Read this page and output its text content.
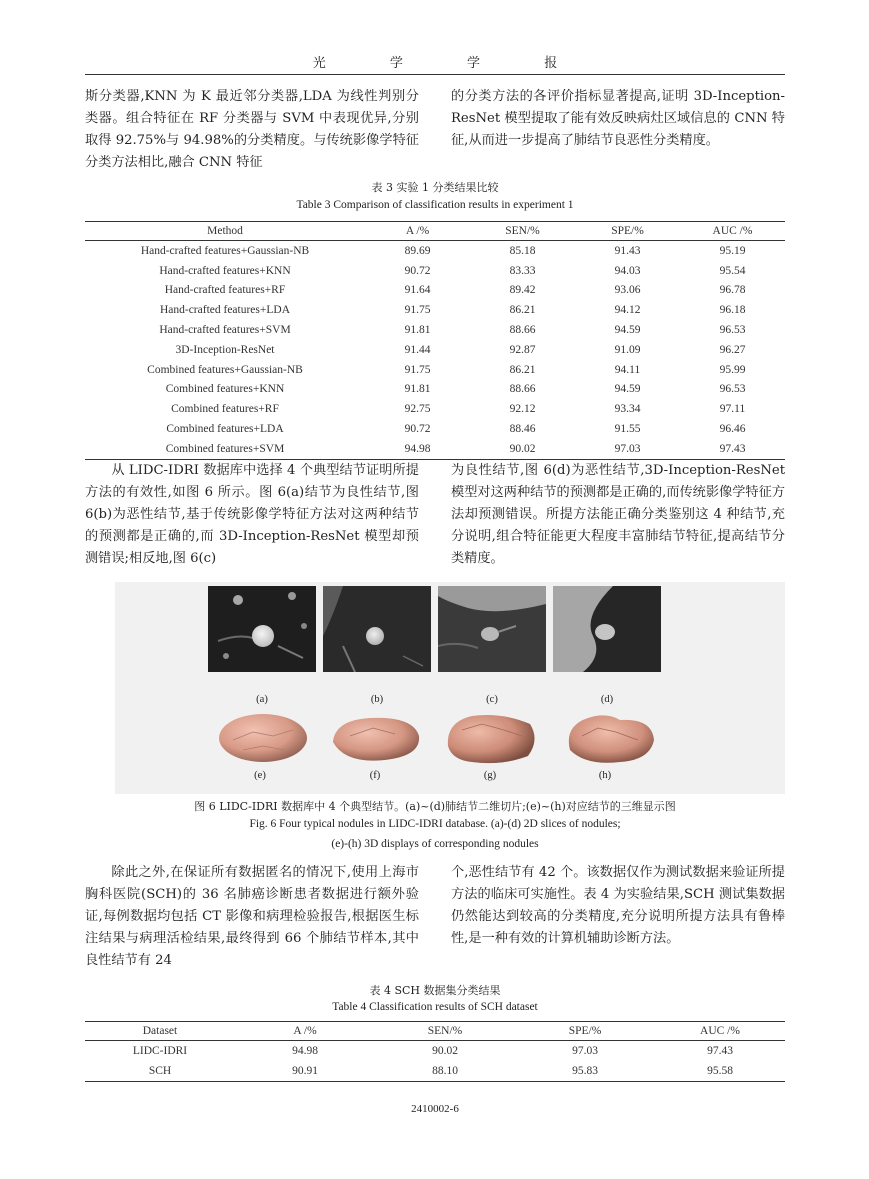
光 学 学 报

斯分类器,KNN 为 K 最近邻分类器,LDA 为线性判别分类器。组合特征在 RF 分类器与 SVM 中表现优异,分别取得 92.75%与 94.98%的分类精度。与传统影像学特征分类方法相比,融合 CNN 特征

的分类方法的各评价指标显著提高,证明 3D-Inception-ResNet 模型提取了能有效反映病灶区域信息的 CNN 特征,从而进一步提高了肺结节良恶性分类精度。

表 3 实验 1 分类结果比较
Table 3 Comparison of classification results in experiment 1
Method	A /%	SEN/%	SPE/%	AUC /%
Hand-crafted features+Gaussian-NB	89.69	85.18	91.43	95.19
Hand-crafted features+KNN	90.72	83.33	94.03	95.54
Hand-crafted features+RF	91.64	89.42	93.06	96.78
Hand-crafted features+LDA	91.75	86.21	94.12	96.18
Hand-crafted features+SVM	91.81	88.66	94.59	96.53
3D-Inception-ResNet	91.44	92.87	91.09	96.27
Combined features+Gaussian-NB	91.75	86.21	94.11	95.99
Combined features+KNN	91.81	88.66	94.59	96.53
Combined features+RF	92.75	92.12	93.34	97.11
Combined features+LDA	90.72	88.46	91.55	96.46
Combined features+SVM	94.98	90.02	97.03	97.43

从 LIDC-IDRI 数据库中选择 4 个典型结节证明所提方法的有效性,如图 6 所示。图 6(a)结节为良性结节,图 6(b)为恶性结节,基于传统影像学特征方法对这两种结节的预测都是正确的,而 3D-Inception-ResNet 模型却预测错误;相反地,图 6(c)

为良性结节,图 6(d)为恶性结节,3D-Inception-ResNet 模型对这两种结节的预测都是正确的,而传统影像学特征方法却预测错误。所提方法能正确分类鉴别这 4 种结节,充分说明,组合特征能更大程度丰富肺结节特征,提高结节分类精度。

图 6 LIDC-IDRI 数据库中 4 个典型结节。(a)~(d)肺结节二维切片;(e)~(h)对应结节的三维显示图
Fig. 6 Four typical nodules in LIDC-IDRI database. (a)-(d) 2D slices of nodules;
(e)-(h) 3D displays of corresponding nodules

除此之外,在保证所有数据匿名的情况下,使用上海市胸科医院(SCH)的 36 名肺癌诊断患者数据进行额外验证,每例数据均包括 CT 影像和病理检验报告,根据医生标注结果与病理活检结果,最终得到 66 个肺结节样本,其中良性结节有 24

个,恶性结节有 42 个。该数据仅作为测试数据来验证所提方法的临床可实施性。表 4 为实验结果,SCH 测试集数据仍然能达到较高的分类精度,充分说明所提方法具有鲁棒性,是一种有效的计算机辅助诊断方法。

表 4 SCH 数据集分类结果
Table 4 Classification results of SCH dataset
Dataset	A /%	SEN/%	SPE/%	AUC /%
LIDC-IDRI	94.98	90.02	97.03	97.43
SCH	90.91	88.10	95.83	95.58
2410002-6
(a)	(b)	(c)	(d)
(e)	(f)	(g)	(h)
